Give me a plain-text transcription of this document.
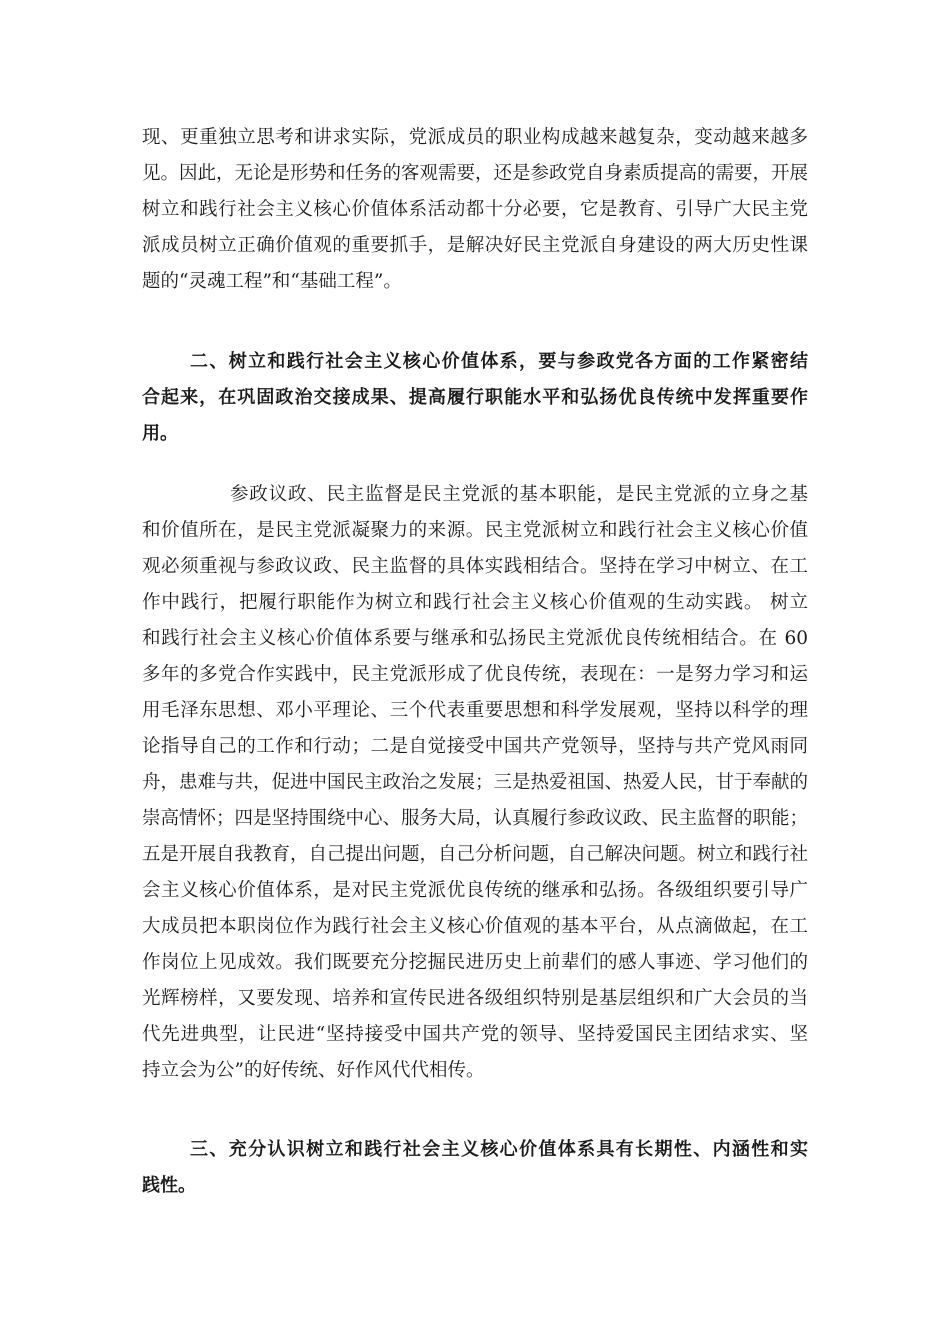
现、更重独立思考和讲求实际，党派成员的职业构成越来越复杂，变动越来越多
见。因此，无论是形势和任务的客观需要，还是参政党自身素质提高的需要，开展
树立和践行社会主义核心价值体系活动都十分必要，它是教育、引导广大民主党
派成员树立正确价值观的重要抓手，是解决好民主党派自身建设的两大历史性课
题的“灵魂工程”和“基础工程”。
二、树立和践行社会主义核心价值体系，要与参政党各方面的工作紧密结
合起来，在巩固政治交接成果、提高履行职能水平和弘扬优良传统中发挥重要作
用。
参政议政、民主监督是民主党派的基本职能，是民主党派的立身之基
和价值所在，是民主党派凝聚力的来源。民主党派树立和践行社会主义核心价值
观必须重视与参政议政、民主监督的具体实践相结合。坚持在学习中树立、在工
作中践行，把履行职能作为树立和践行社会主义核心价值观的生动实践。 树立
和践行社会主义核心价值体系要与继承和弘扬民主党派优良传统相结合。在 60
多年的多党合作实践中，民主党派形成了优良传统，表现在：一是努力学习和运
用毛泽东思想、邓小平理论、三个代表重要思想和科学发展观，坚持以科学的理
论指导自己的工作和行动；二是自觉接受中国共产党领导，坚持与共产党风雨同
舟，患难与共，促进中国民主政治之发展；三是热爱祖国、热爱人民，甘于奉献的
崇高情怀；四是坚持围绕中心、服务大局，认真履行参政议政、民主监督的职能；
五是开展自我教育，自己提出问题，自己分析问题，自己解决问题。树立和践行社
会主义核心价值体系，是对民主党派优良传统的继承和弘扬。各级组织要引导广
大成员把本职岗位作为践行社会主义核心价值观的基本平台，从点滴做起，在工
作岗位上见成效。我们既要充分挖掘民进历史上前辈们的感人事迹、学习他们的
光辉榜样，又要发现、培养和宣传民进各级组织特别是基层组织和广大会员的当
代先进典型，让民进“坚持接受中国共产党的领导、坚持爱国民主团结求实、坚
持立会为公”的好传统、好作风代代相传。
三、充分认识树立和践行社会主义核心价值体系具有长期性、内涵性和实
践性。
